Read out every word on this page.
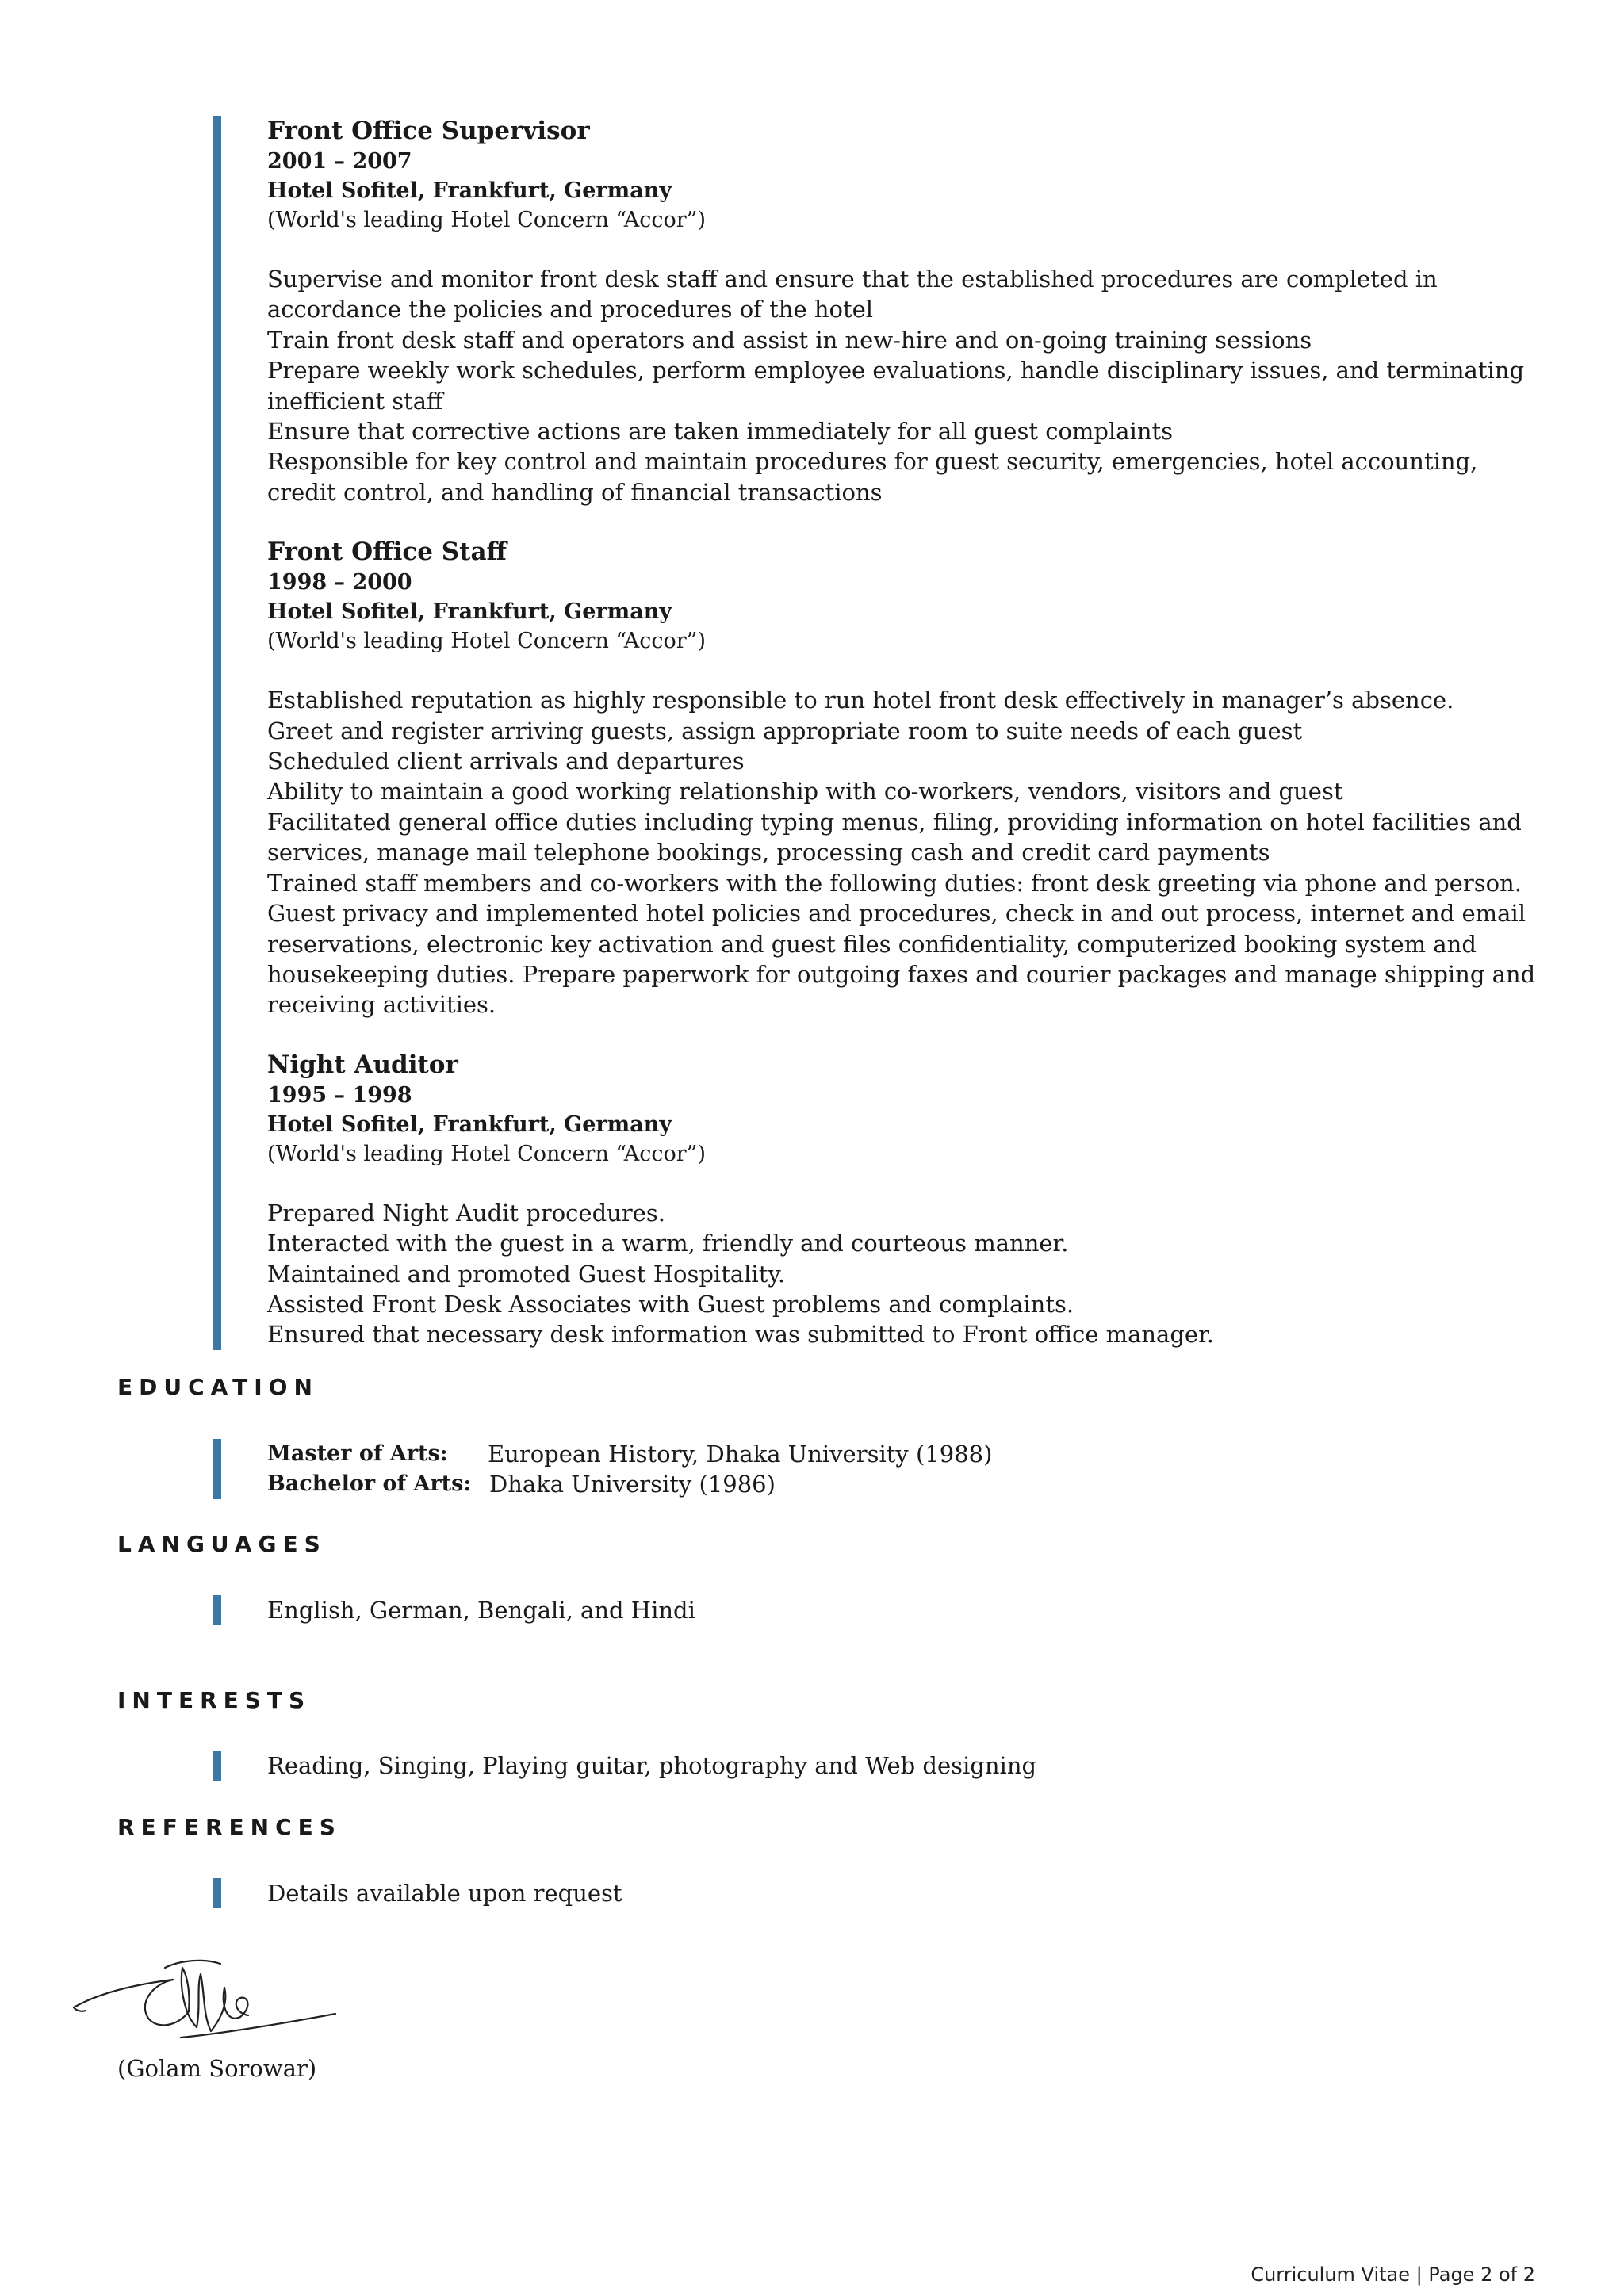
Front Office Supervisor
2001 – 2007
Hotel Sofitel, Frankfurt, Germany
(World's leading Hotel Concern “Accor”)
Supervise and monitor front desk staff and ensure that the established procedures are completed in accordance the policies and procedures of the hotel
Train front desk staff and operators and assist in new-hire and on-going training sessions
Prepare weekly work schedules, perform employee evaluations, handle disciplinary issues, and terminating inefficient staff
Ensure that corrective actions are taken immediately for all guest complaints
Responsible for key control and maintain procedures for guest security, emergencies, hotel accounting, credit control, and handling of financial transactions
Front Office Staff
1998 – 2000
Hotel Sofitel, Frankfurt, Germany
(World's leading Hotel Concern “Accor”)
Established reputation as highly responsible to run hotel front desk effectively in manager’s absence.
Greet and register arriving guests, assign appropriate room to suite needs of each guest
Scheduled client arrivals and departures
Ability to maintain a good working relationship with co-workers, vendors, visitors and guest
Facilitated general office duties including typing menus, filing, providing information on hotel facilities and services, manage mail telephone bookings, processing cash and credit card payments
Trained staff members and co-workers with the following duties: front desk greeting via phone and person. Guest privacy and implemented hotel policies and procedures, check in and out process, internet and email reservations, electronic key activation and guest files confidentiality, computerized booking system and housekeeping duties. Prepare paperwork for outgoing faxes and courier packages and manage shipping and receiving activities.
Night Auditor
1995 – 1998
Hotel Sofitel, Frankfurt, Germany
(World's leading Hotel Concern “Accor”)
Prepared Night Audit procedures.
Interacted with the guest in a warm, friendly and courteous manner.
Maintained and promoted Guest Hospitality.
Assisted Front Desk Associates with Guest problems and complaints.
Ensured that necessary desk information was submitted to Front office manager.
EDUCATION
Master of Arts:	European History, Dhaka University (1988)
Bachelor of Arts: Dhaka University (1986)
LANGUAGES
English, German, Bengali, and Hindi
INTERESTS
Reading, Singing, Playing guitar, photography and Web designing
REFERENCES
Details available upon request
(Golam Sorowar)
Curriculum Vitae | Page 2 of 2
